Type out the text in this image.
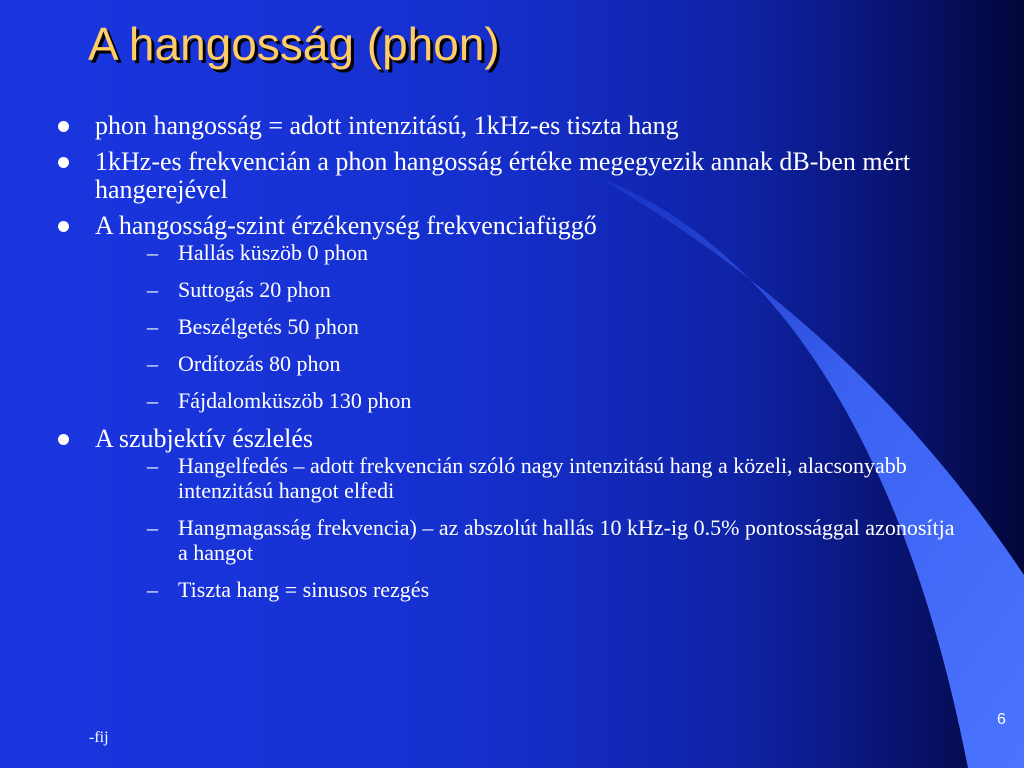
A hangosság (phon)
phon hangosság = adott intenzitású, 1kHz-es tiszta hang
1kHz-es frekvencián a phon hangosság értéke megegyezik annak dB-ben mért hangerejével
A hangosság-szint érzékenység frekvenciafüggő
– Hallás küszöb 0 phon
– Suttogás 20 phon
– Beszélgetés 50 phon
– Ordítozás 80 phon
– Fájdalomküszöb 130 phon
A szubjektív észlelés
– Hangelfedés – adott frekvencián szóló nagy intenzitású hang a közeli, alacsonyabb intenzitású hangot elfedi
– Hangmagasság frekvencia) – az abszolút hallás 10 kHz-ig 0.5% pontossággal azonosítja a hangot
– Tiszta hang = sinusos rezgés
-fij
6
